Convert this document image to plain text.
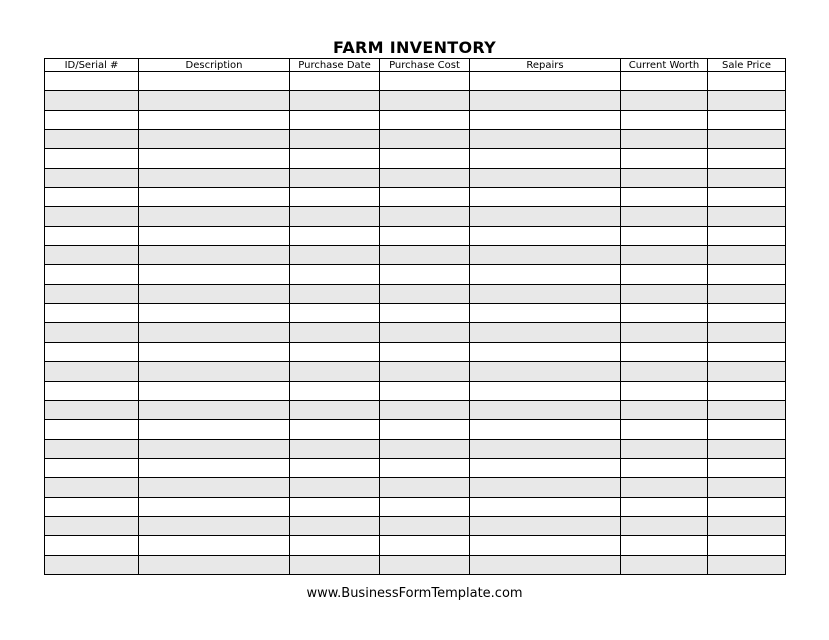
FARM INVENTORY
ID/Serial #	Description	Purchase Date	Purchase Cost	Repairs	Current Worth	Sale Price

www.BusinessFormTemplate.com
